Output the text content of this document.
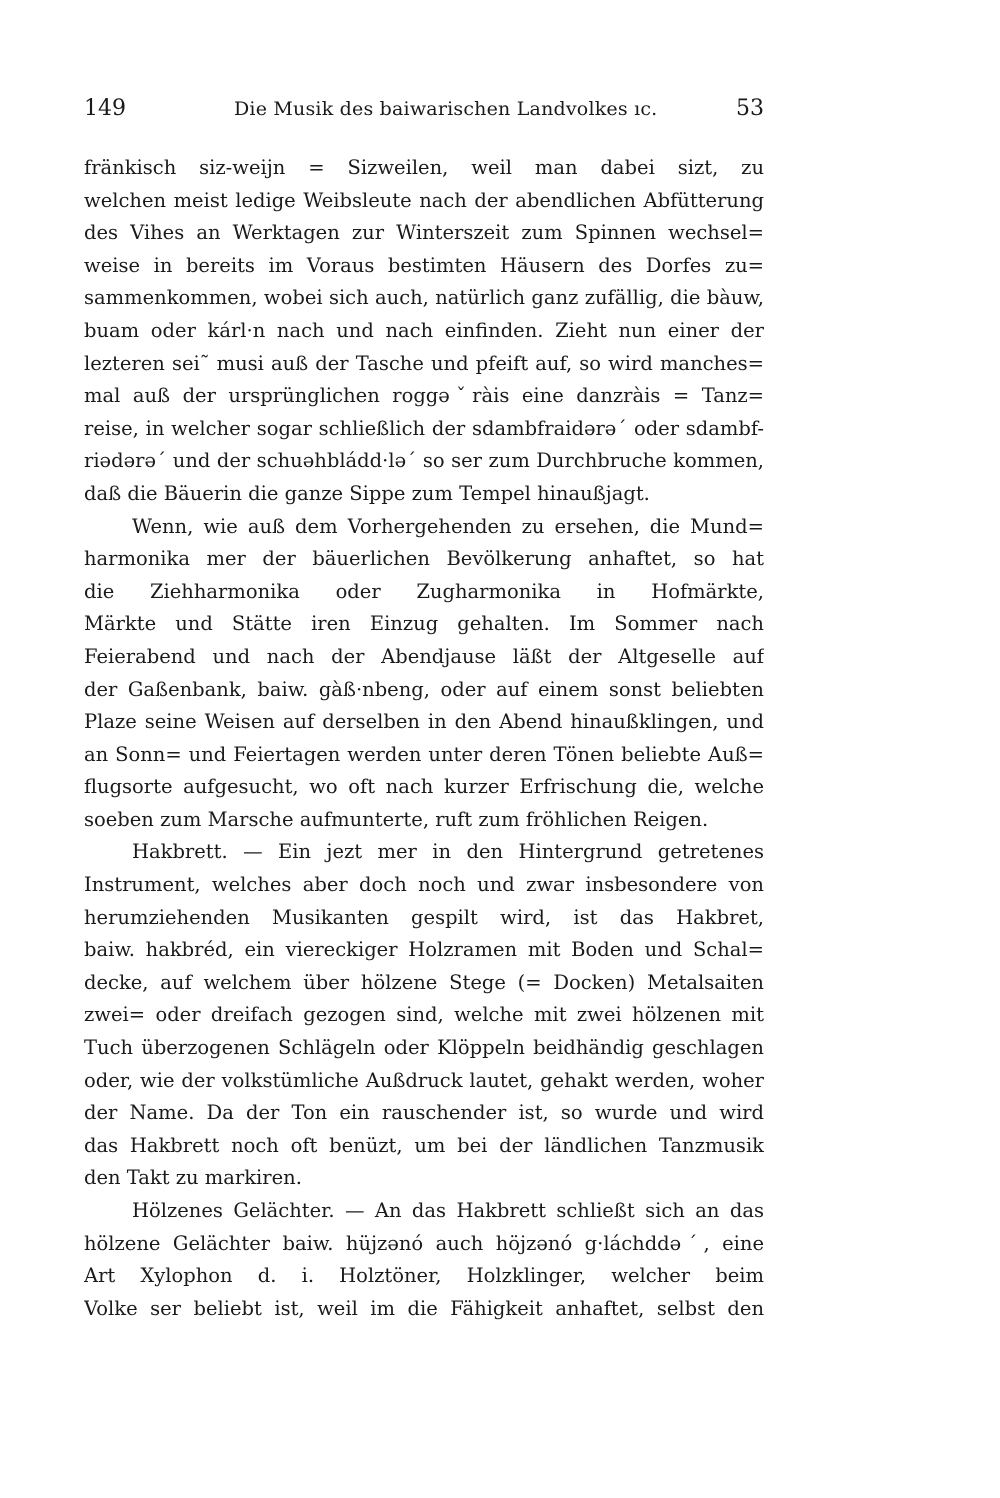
149	Die Musik des baiwarischen Landvolkes ıc.	53
fränkisch siz-weijn = Sizweilen, weil man dabei sizt, zu
welchen meist ledige Weibsleute nach der abendlichen Abfütterung
des Vihes an Werktagen zur Winterszeit zum Spinnen wechsel=
weise in bereits im Voraus bestimten Häusern des Dorfes zu=
sammenkommen, wobei sich auch, natürlich ganz zufällig, die bàuw,
buam oder kárl·n nach und nach einfinden. Zieht nun einer der
lezteren sei˜ musi auß der Tasche und pfeift auf, so wird manches=
mal auß der ursprünglichen roggəˇràis eine danzràis = Tanz=
reise, in welcher sogar schließlich der sdambfraidərəˊ oder sdambf-
riədərəˊ und der schuəhbládd·ləˊ so ser zum Durchbruche kommen,
daß die Bäuerin die ganze Sippe zum Tempel hinaußjagt.
Wenn, wie auß dem Vorhergehenden zu ersehen, die Mund=
harmonika mer der bäuerlichen Bevölkerung anhaftet, so hat
die Ziehharmonika oder Zugharmonika in Hofmärkte,
Märkte und Stätte iren Einzug gehalten. Im Sommer nach
Feierabend und nach der Abendjause läßt der Altgeselle auf
der Gaßenbank, baiw. gàß·nbeng, oder auf einem sonst beliebten
Plaze seine Weisen auf derselben in den Abend hinaußklingen, und
an Sonn= und Feiertagen werden unter deren Tönen beliebte Auß=
flugsorte aufgesucht, wo oft nach kurzer Erfrischung die, welche
soeben zum Marsche aufmunterte, ruft zum fröhlichen Reigen.
Hakbrett. — Ein jezt mer in den Hintergrund getretenes
Instrument, welches aber doch noch und zwar insbesondere von
herumziehenden Musikanten gespilt wird, ist das Hakbret,
baiw. hakbréd, ein viereckiger Holzramen mit Boden und Schal=
decke, auf welchem über hölzene Stege (= Docken) Metalsaiten
zwei= oder dreifach gezogen sind, welche mit zwei hölzenen mit
Tuch überzogenen Schlägeln oder Klöppeln beidhändig geschlagen
oder, wie der volkstümliche Außdruck lautet, gehakt werden, woher
der Name. Da der Ton ein rauschender ist, so wurde und wird
das Hakbrett noch oft benüzt, um bei der ländlichen Tanzmusik
den Takt zu markiren.
Hölzenes Gelächter. — An das Hakbrett schließt sich an das
hölzene Gelächter baiw. hüjzənó auch höjzənó g·láchddəˊ, eine
Art Xylophon d. i. Holztöner, Holzklinger, welcher beim
Volke ser beliebt ist, weil im die Fähigkeit anhaftet, selbst den
